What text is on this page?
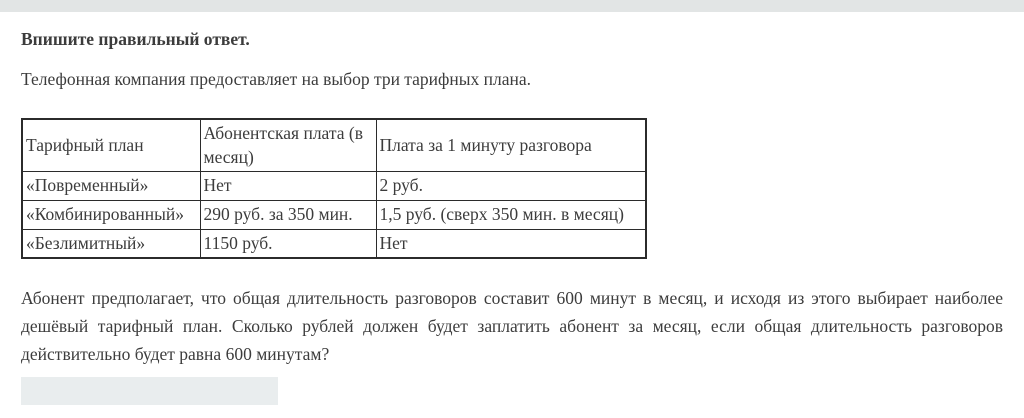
Впишите правильный ответ.

Телефонная компания предоставляет на выбор три тарифных плана.

Тарифный план	Абонентская плата (в месяц)	Плата за 1 минуту разговора
«Повременный»	Нет	2 руб.
«Комбинированный»	290 руб. за 350 мин.	1,5 руб. (сверх 350 мин. в месяц)
«Безлимитный»	1150 руб.	Нет

Абонент предполагает, что общая длительность разговоров составит 600 минут в месяц, и исходя из этого выбирает наиболее дешёвый тарифный план. Сколько рублей должен будет заплатить абонент за месяц, если общая длительность разговоров действительно будет равна 600 минутам?
